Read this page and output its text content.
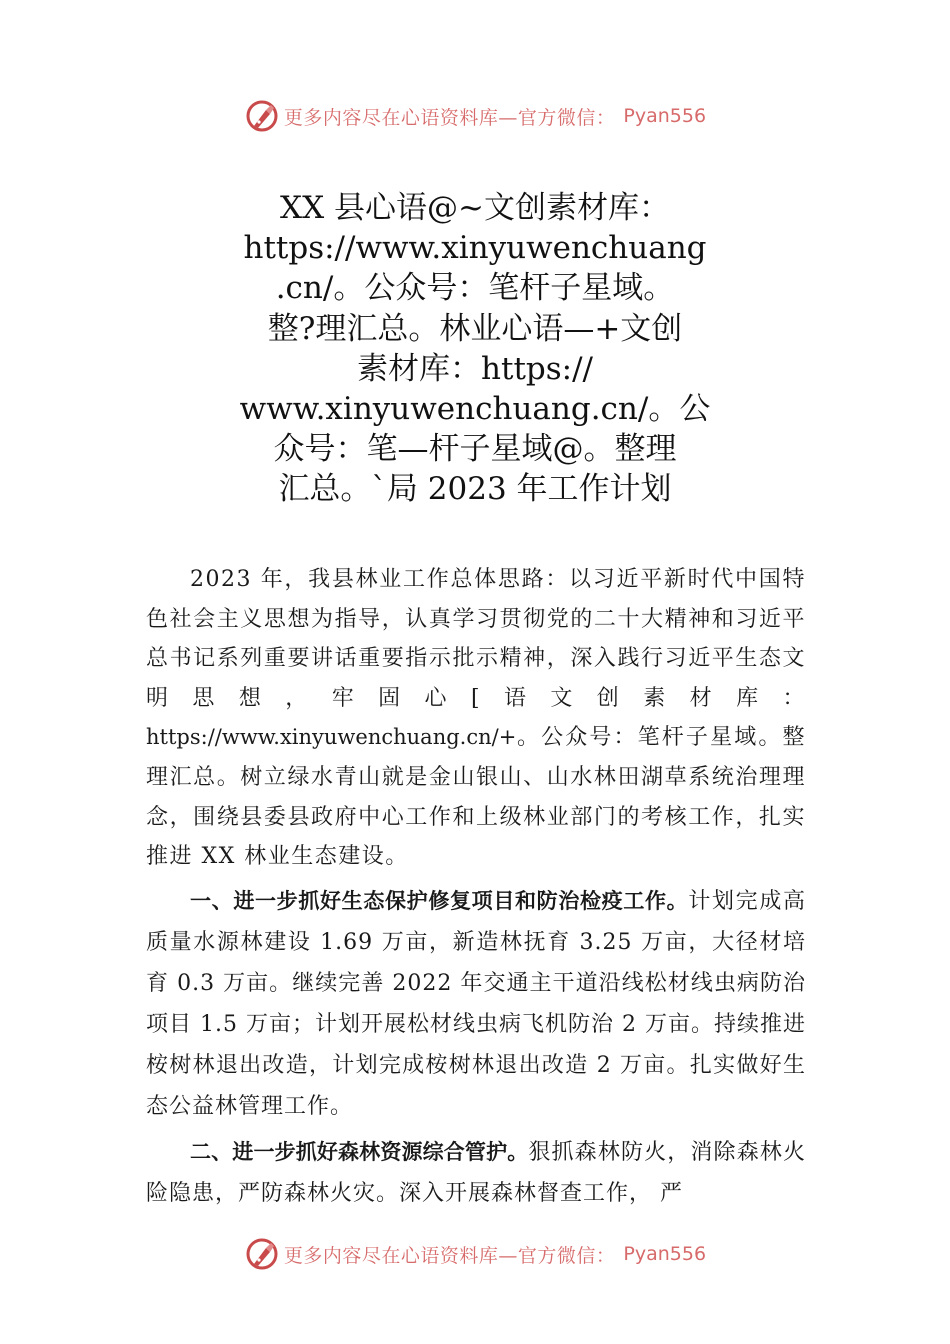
更多内容尽在心语资料库—官方微信： Pyan556
XX 县心语@~文创素材库：
https://www.xinyuwenchuang
.cn/。公众号：笔杆子星域。
整?理汇总。林业心语—+文创
素材库：https://
www.xinyuwenchuang.cn/。公
众号：笔—杆子星域@。整理
汇总。`局 2023 年工作计划

2023 年，我县林业工作总体思路：以习近平新时代中国特色社会主义思想为指导，认真学习贯彻党的二十大精神和习近平总书记系列重要讲话重要指示批示精神，深入践行习近平生态文明思想，牢固心[语文创素材库：https://www.xinyuwenchuang.cn/+。公众号：笔杆子星域。整理汇总。树立绿水青山就是金山银山、山水林田湖草系统治理理念，围绕县委县政府中心工作和上级林业部门的考核工作，扎实推进 XX 林业生态建设。

一、进一步抓好生态保护修复项目和防治检疫工作。计划完成高质量水源林建设 1.69 万亩，新造林抚育 3.25 万亩，大径材培育 0.3 万亩。继续完善 2022 年交通主干道沿线松材线虫病防治项目 1.5 万亩；计划开展松材线虫病飞机防治 2 万亩。持续推进桉树林退出改造，计划完成桉树林退出改造 2 万亩。扎实做好生态公益林管理工作。

二、进一步抓好森林资源综合管护。狠抓森林防火，消除森林火险隐患，严防森林火灾。深入开展森林督查工作， 严

更多内容尽在心语资料库—官方微信： Pyan556
